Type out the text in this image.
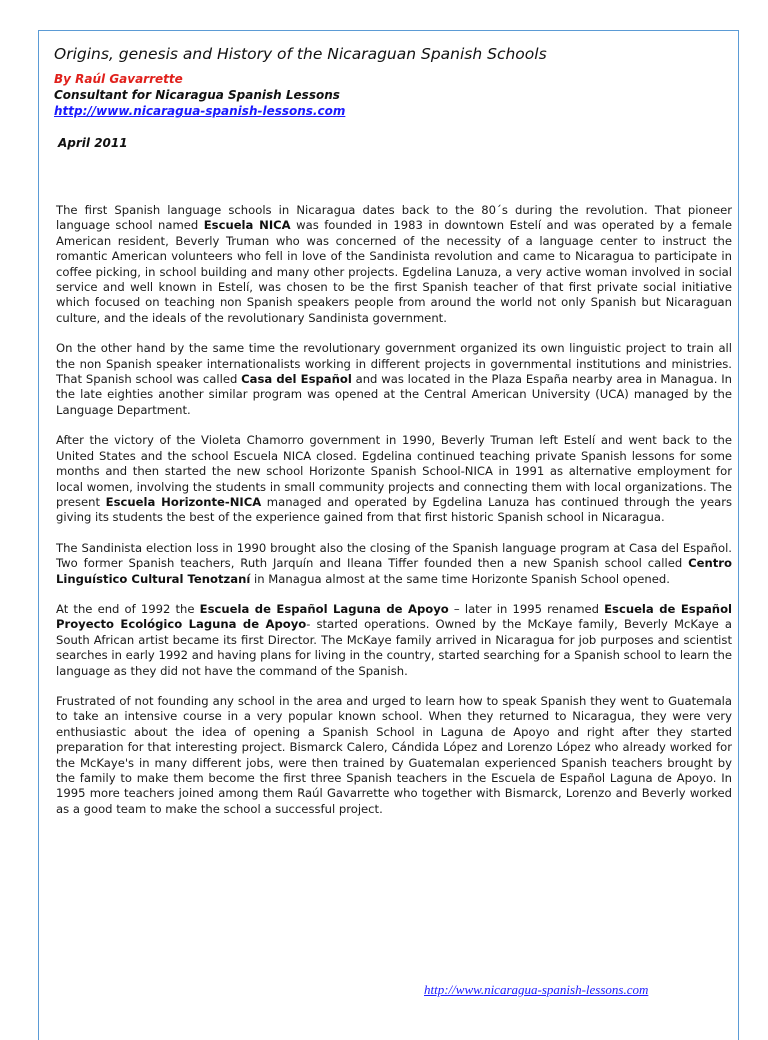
Origins, genesis and History of the Nicaraguan Spanish Schools
By Raúl Gavarrette
Consultant for Nicaragua Spanish Lessons
http://www.nicaragua-spanish-lessons.com
April 2011

The first Spanish language schools in Nicaragua dates back to the 80´s during the revolution. That pioneer language school named Escuela NICA was founded in 1983 in downtown Estelí and was operated by a female American resident, Beverly Truman who was concerned of the necessity of a language center to instruct the romantic American volunteers who fell in love of the Sandinista revolution and came to Nicaragua to participate in coffee picking, in school building and many other projects. Egdelina Lanuza, a very active woman involved in social service and well known in Estelí, was chosen to be the first Spanish teacher of that first private social initiative which focused on teaching non Spanish speakers people from around the world not only Spanish but Nicaraguan culture, and the ideals of the revolutionary Sandinista government.

On the other hand by the same time the revolutionary government organized its own linguistic project to train all the non Spanish speaker internationalists working in different projects in governmental institutions and ministries. That Spanish school was called Casa del Español and was located in the Plaza España nearby area in Managua. In the late eighties another similar program was opened at the Central American University (UCA) managed by the Language Department.

After the victory of the Violeta Chamorro government in 1990, Beverly Truman left Estelí and went back to the United States and the school Escuela NICA closed. Egdelina continued teaching private Spanish lessons for some months and then started the new school Horizonte Spanish School-NICA in 1991 as alternative employment for local women, involving the students in small community projects and connecting them with local organizations. The present Escuela Horizonte-NICA managed and operated by Egdelina Lanuza has continued through the years giving its students the best of the experience gained from that first historic Spanish school in Nicaragua.

The Sandinista election loss in 1990 brought also the closing of the Spanish language program at Casa del Español. Two former Spanish teachers, Ruth Jarquín and Ileana Tiffer founded then a new Spanish school called Centro Linguístico Cultural Tenotzaní in Managua almost at the same time Horizonte Spanish School opened.

At the end of 1992 the Escuela de Español Laguna de Apoyo – later in 1995 renamed Escuela de Español Proyecto Ecológico Laguna de Apoyo- started operations. Owned by the McKaye family, Beverly McKaye a South African artist became its first Director. The McKaye family arrived in Nicaragua for job purposes and scientist searches in early 1992 and having plans for living in the country, started searching for a Spanish school to learn the language as they did not have the command of the Spanish.

Frustrated of not founding any school in the area and urged to learn how to speak Spanish they went to Guatemala to take an intensive course in a very popular known school. When they returned to Nicaragua, they were very enthusiastic about the idea of opening a Spanish School in Laguna de Apoyo and right after they started preparation for that interesting project. Bismarck Calero, Cándida López and Lorenzo López who already worked for the McKaye's in many different jobs, were then trained by Guatemalan experienced Spanish teachers brought by the family to make them become the first three Spanish teachers in the Escuela de Español Laguna de Apoyo. In 1995 more teachers joined among them Raúl Gavarrette who together with Bismarck, Lorenzo and Beverly worked as a good team to make the school a successful project.

http://www.nicaragua-spanish-lessons.com
